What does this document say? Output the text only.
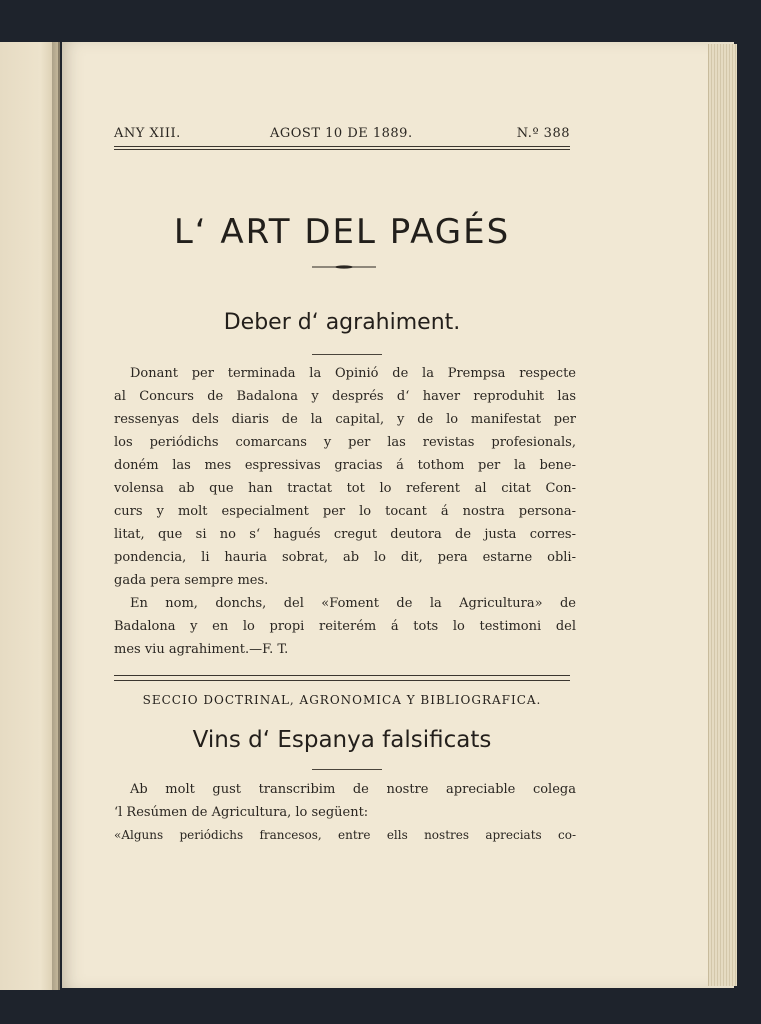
ANY XIII.	AGOST 10 DE 1889.	N.º 388
L‘ ART DEL PAGÉS
Deber d‘ agrahiment.
Donant per terminada la Opinió de la Prempsa respecte
al Concurs de Badalona y després d‘ haver reproduhit las
ressenyas dels diaris de la capital, y de lo manifestat per
los periódichs comarcans y per las revistas profesionals,
doném las mes espressivas gracias á tothom per la bene-
volensa ab que han tractat tot lo referent al citat Con-
curs y molt especialment per lo tocant á nostra persona-
litat, que si no s‘ hagués cregut deutora de justa corres-
pondencia, li hauria sobrat, ab lo dit, pera estarne obli-
gada pera sempre mes.
En nom, donchs, del «Foment de la Agricultura» de
Badalona y en lo propi reiterém á tots lo testimoni del
mes viu agrahiment.—F. T.
SECCIO DOCTRINAL, AGRONOMICA Y BIBLIOGRAFICA.
Vins d‘ Espanya falsificats
Ab molt gust transcribim de nostre apreciable colega
‘l Resúmen de Agricultura, lo següent:
«Alguns periódichs francesos, entre ells nostres apreciats co-
